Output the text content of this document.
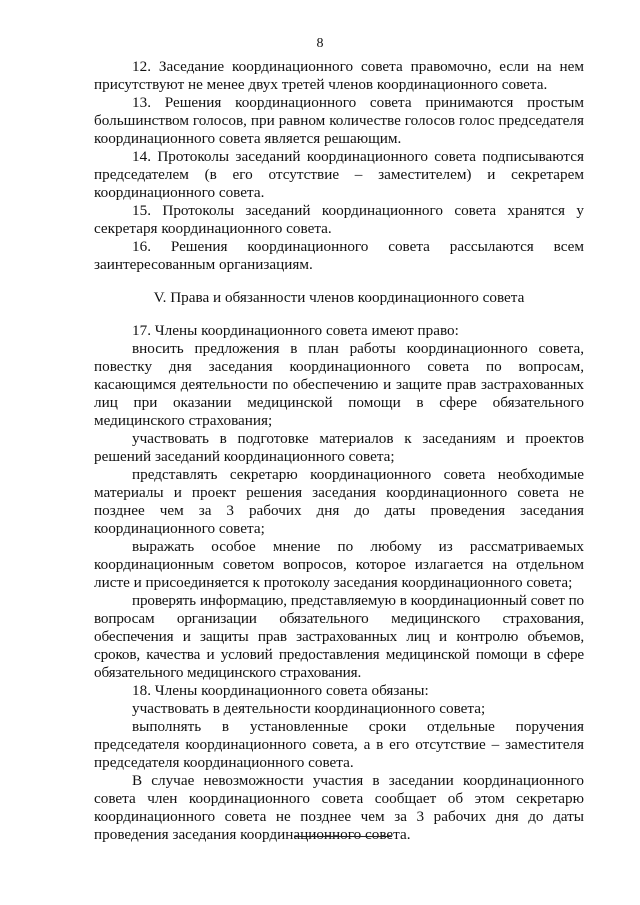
8

12. Заседание координационного совета правомочно, если на нем присутствуют не менее двух третей членов координационного совета.

13. Решения координационного совета принимаются простым большинством голосов, при равном количестве голосов голос председателя координационного совета является решающим.

14. Протоколы заседаний координационного совета подписываются председателем (в его отсутствие – заместителем) и секретарем координационного совета.

15. Протоколы заседаний координационного совета хранятся у секретаря координационного совета.

16. Решения координационного совета рассылаются всем заинтересованным организациям.

V. Права и обязанности членов координационного совета

17. Члены координационного совета имеют право:

вносить предложения в план работы координационного совета, повестку дня заседания координационного совета по вопросам, касающимся деятельности по обеспечению и защите прав застрахованных лиц при оказании медицинской помощи в сфере обязательного медицинского страхования;

участвовать в подготовке материалов к заседаниям и проектов решений заседаний координационного совета;

представлять секретарю координационного совета необходимые материалы и проект решения заседания координационного совета не позднее чем за 3 рабочих дня до даты проведения заседания координационного совета;

выражать особое мнение по любому из рассматриваемых координационным советом вопросов, которое излагается на отдельном листе и присоединяется к протоколу заседания координационного совета;

проверять информацию, представляемую в координационный совет по вопросам организации обязательного медицинского страхования, обеспечения и защиты прав застрахованных лиц и контролю объемов, сроков, качества и условий предоставления медицинской помощи в сфере обязательного медицинского страхования.

18. Члены координационного совета обязаны:

участвовать в деятельности координационного совета;

выполнять в установленные сроки отдельные поручения председателя координационного совета, а в его отсутствие – заместителя председателя координационного совета.

В случае невозможности участия в заседании координационного совета член координационного совета сообщает об этом секретарю координационного совета не позднее чем за 3 рабочих дня до даты проведения заседания координационного совета.
